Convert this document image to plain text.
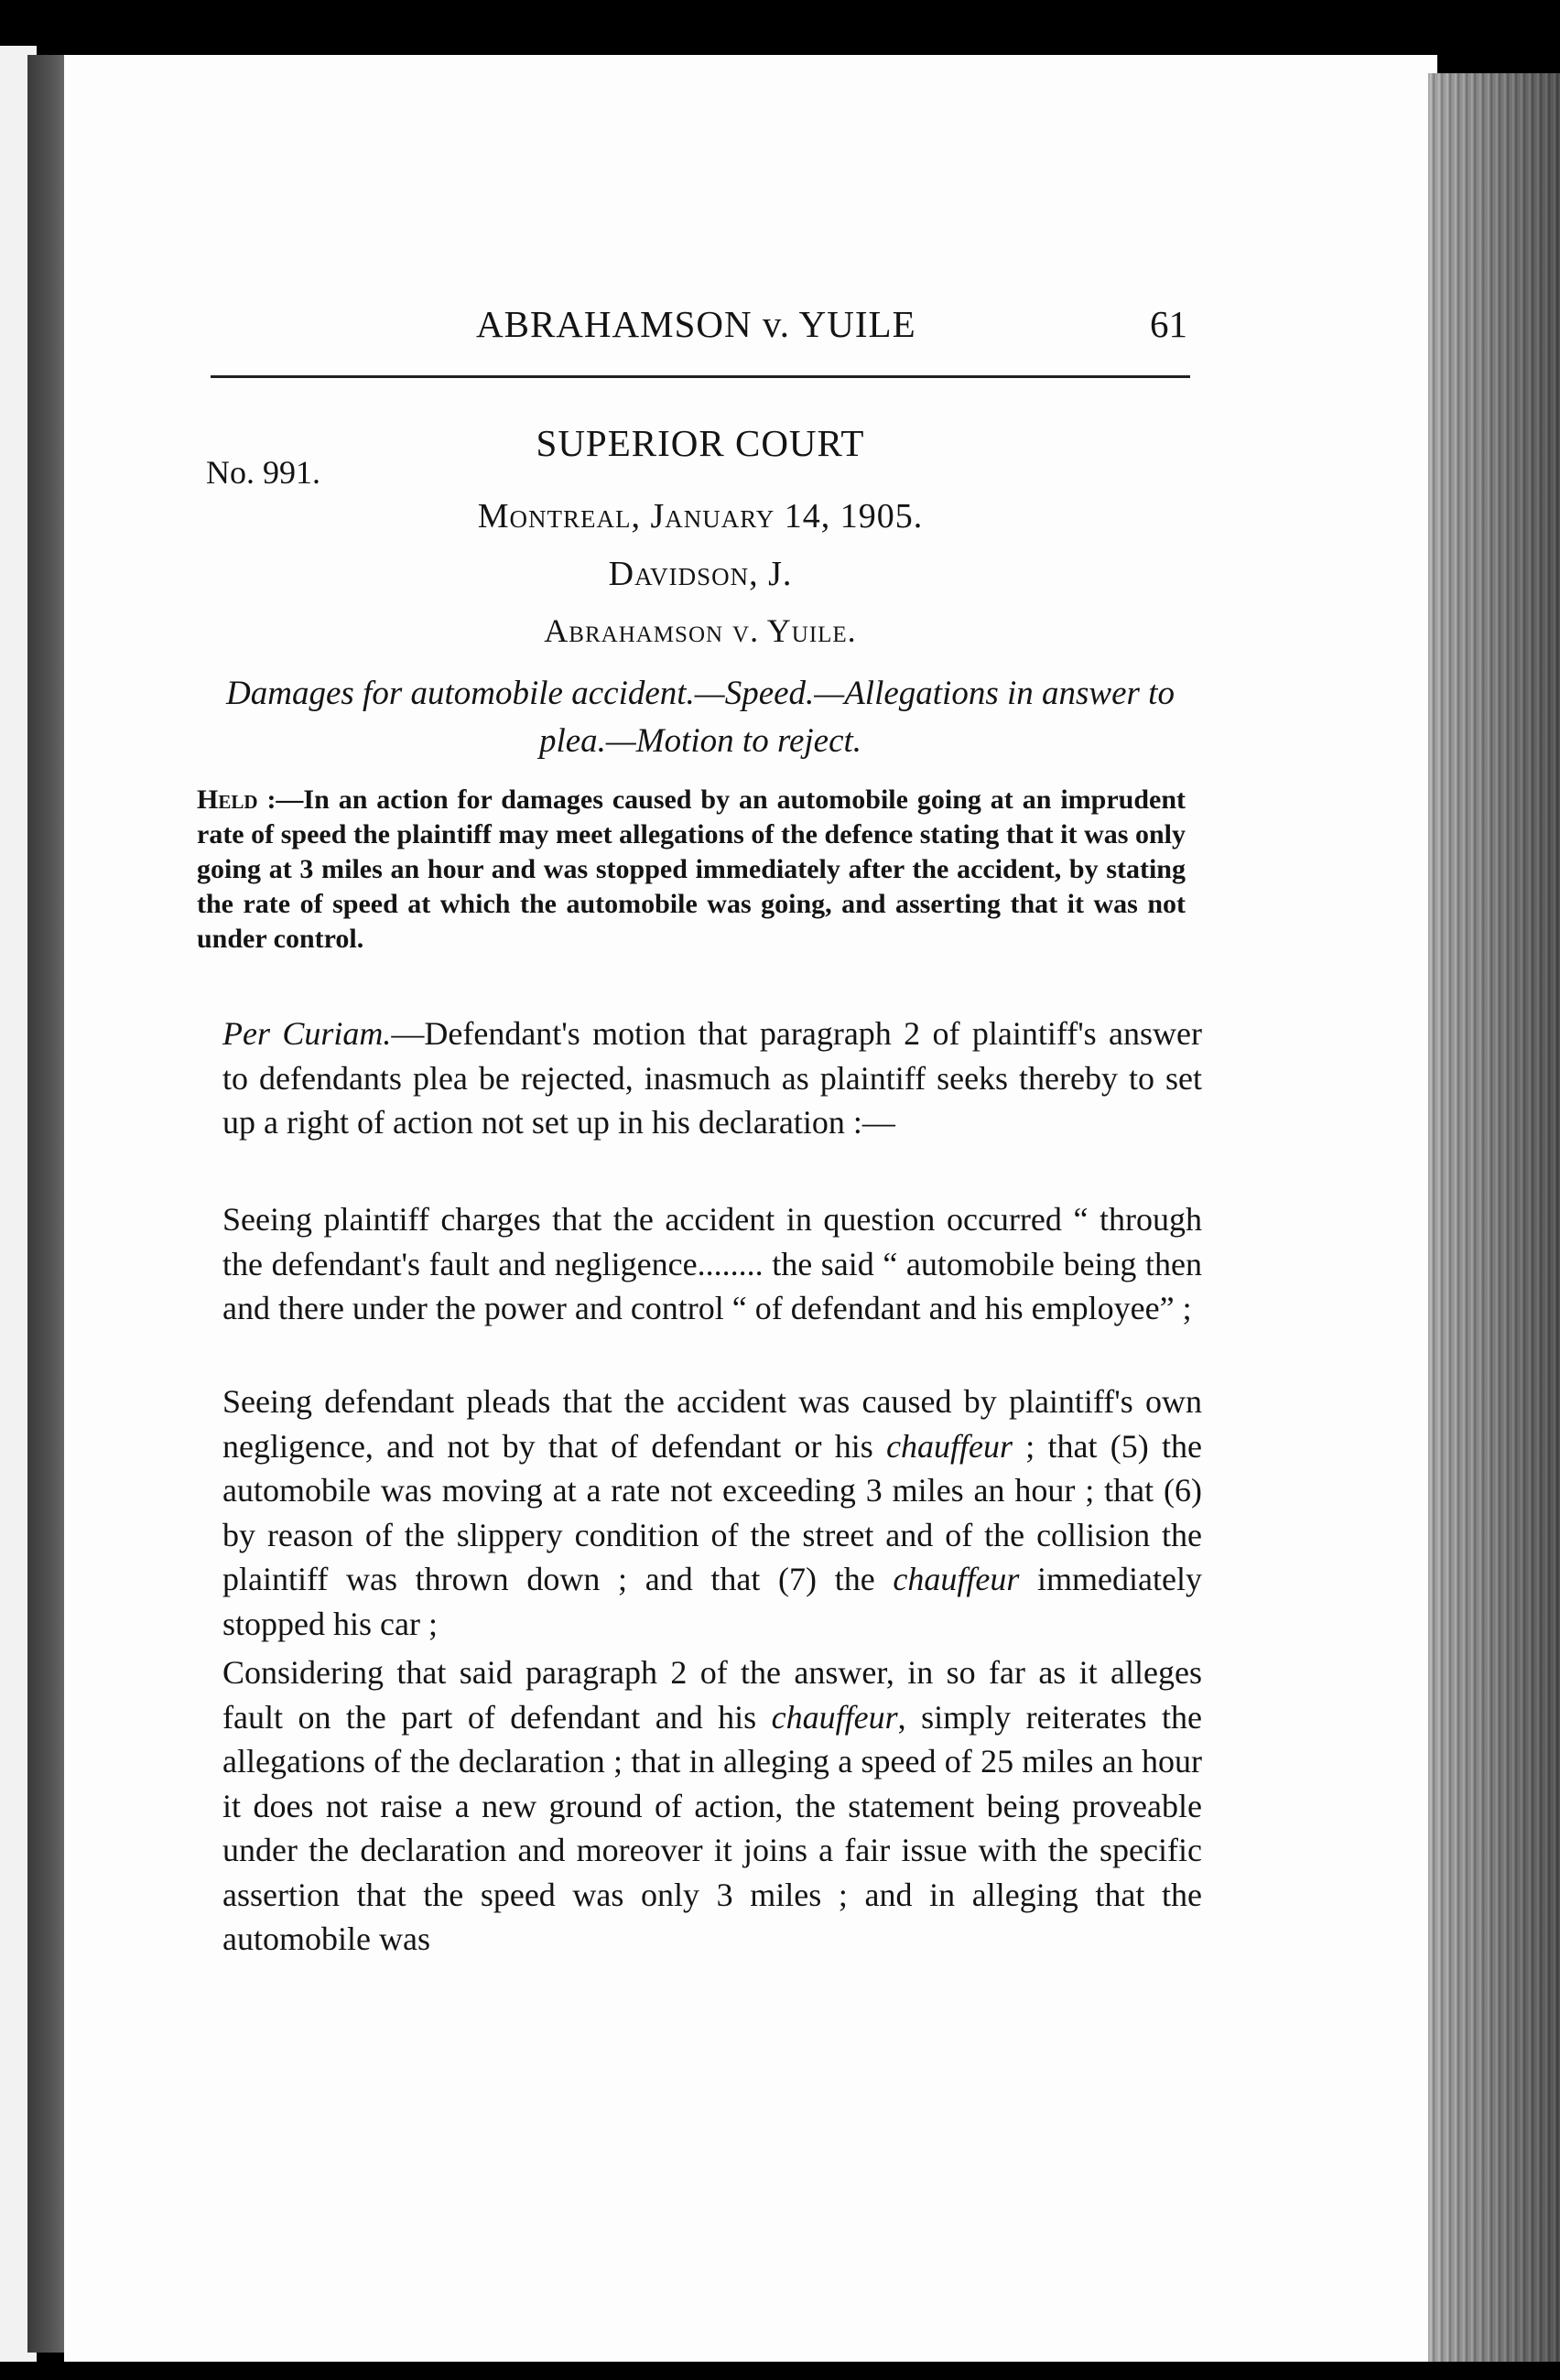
ABRAHAMSON v. YUILE	61
No. 991.
SUPERIOR COURT
Montreal, January 14, 1905.
Davidson, J.
Abrahamson v. Yuile.
Damages for automobile accident.—Speed.—Allegations in answer to plea.—Motion to reject.
Held :—In an action for damages caused by an automobile going at an imprudent rate of speed the plaintiff may meet allegations of the defence stating that it was only going at 3 miles an hour and was stopped immediately after the accident, by stating the rate of speed at which the automobile was going, and asserting that it was not under control.
Per Curiam.—Defendant's motion that paragraph 2 of plaintiff's answer to defendants plea be rejected, inasmuch as plaintiff seeks thereby to set up a right of action not set up in his declaration :—
Seeing plaintiff charges that the accident in question occurred “ through the defendant's fault and negligence........ the said “ automobile being then and there under the power and control “ of defendant and his employee” ;
Seeing defendant pleads that the accident was caused by plaintiff's own negligence, and not by that of defendant or his chauffeur ; that (5) the automobile was moving at a rate not exceeding 3 miles an hour ; that (6) by reason of the slippery condition of the street and of the collision the plaintiff was thrown down ; and that (7) the chauffeur immediately stopped his car ;
Considering that said paragraph 2 of the answer, in so far as it alleges fault on the part of defendant and his chauffeur, simply reiterates the allegations of the declaration ; that in alleging a speed of 25 miles an hour it does not raise a new ground of action, the statement being proveable under the declaration and moreover it joins a fair issue with the specific assertion that the speed was only 3 miles ; and in alleging that the automobile was
